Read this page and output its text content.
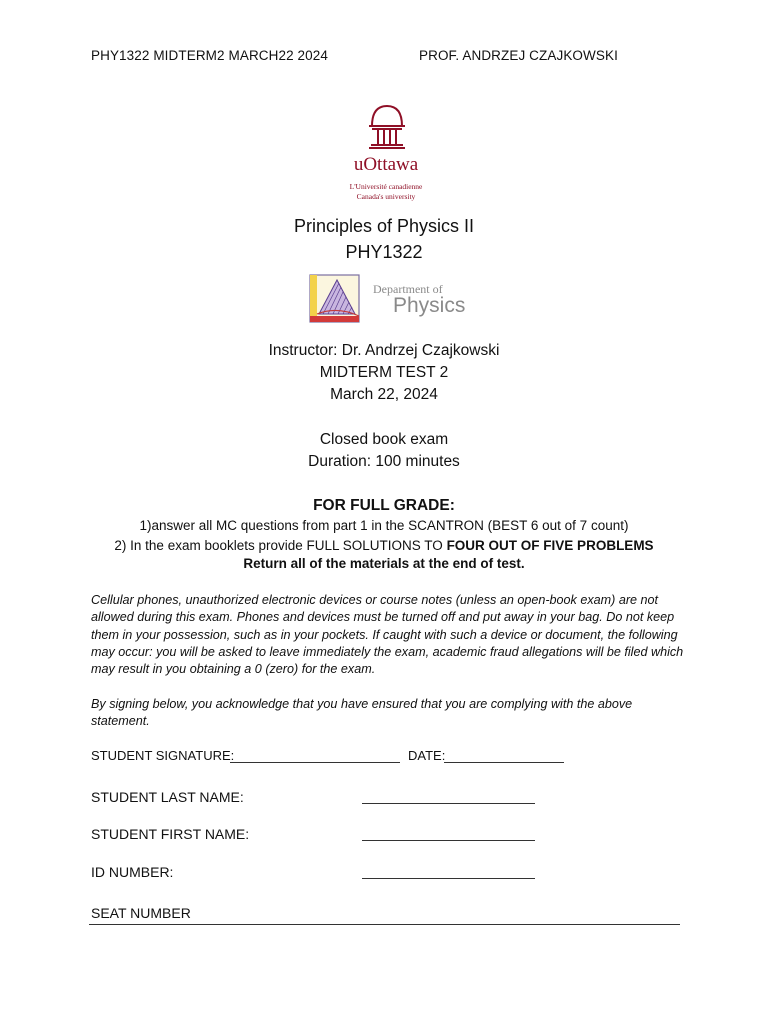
PHY1322 MIDTERM2 MARCH22 2024	PROF. ANDRZEJ CZAJKOWSKI
uOttawa
L'Université canadienne
Canada's university
Principles of Physics II
PHY1322
Department of
Physics
Instructor: Dr. Andrzej Czajkowski
MIDTERM TEST 2
March 22, 2024
Closed book exam
Duration: 100 minutes
FOR FULL GRADE:
1)answer all MC questions from part 1 in the SCANTRON (BEST 6 out of 7 count)
2) In the exam booklets provide FULL SOLUTIONS TO FOUR OUT OF FIVE PROBLEMS
Return all of the materials at the end of test.
Cellular phones, unauthorized electronic devices or course notes (unless an open-book exam) are not allowed during this exam. Phones and devices must be turned off and put away in your bag. Do not keep them in your possession, such as in your pockets. If caught with such a device or document, the following may occur: you will be asked to leave immediately the exam, academic fraud allegations will be filed which may result in you obtaining a 0 (zero) for the exam.
By signing below, you acknowledge that you have ensured that you are complying with the above statement.
STUDENT SIGNATURE:	DATE:
STUDENT LAST NAME:
STUDENT FIRST NAME:
ID NUMBER:
SEAT NUMBER
